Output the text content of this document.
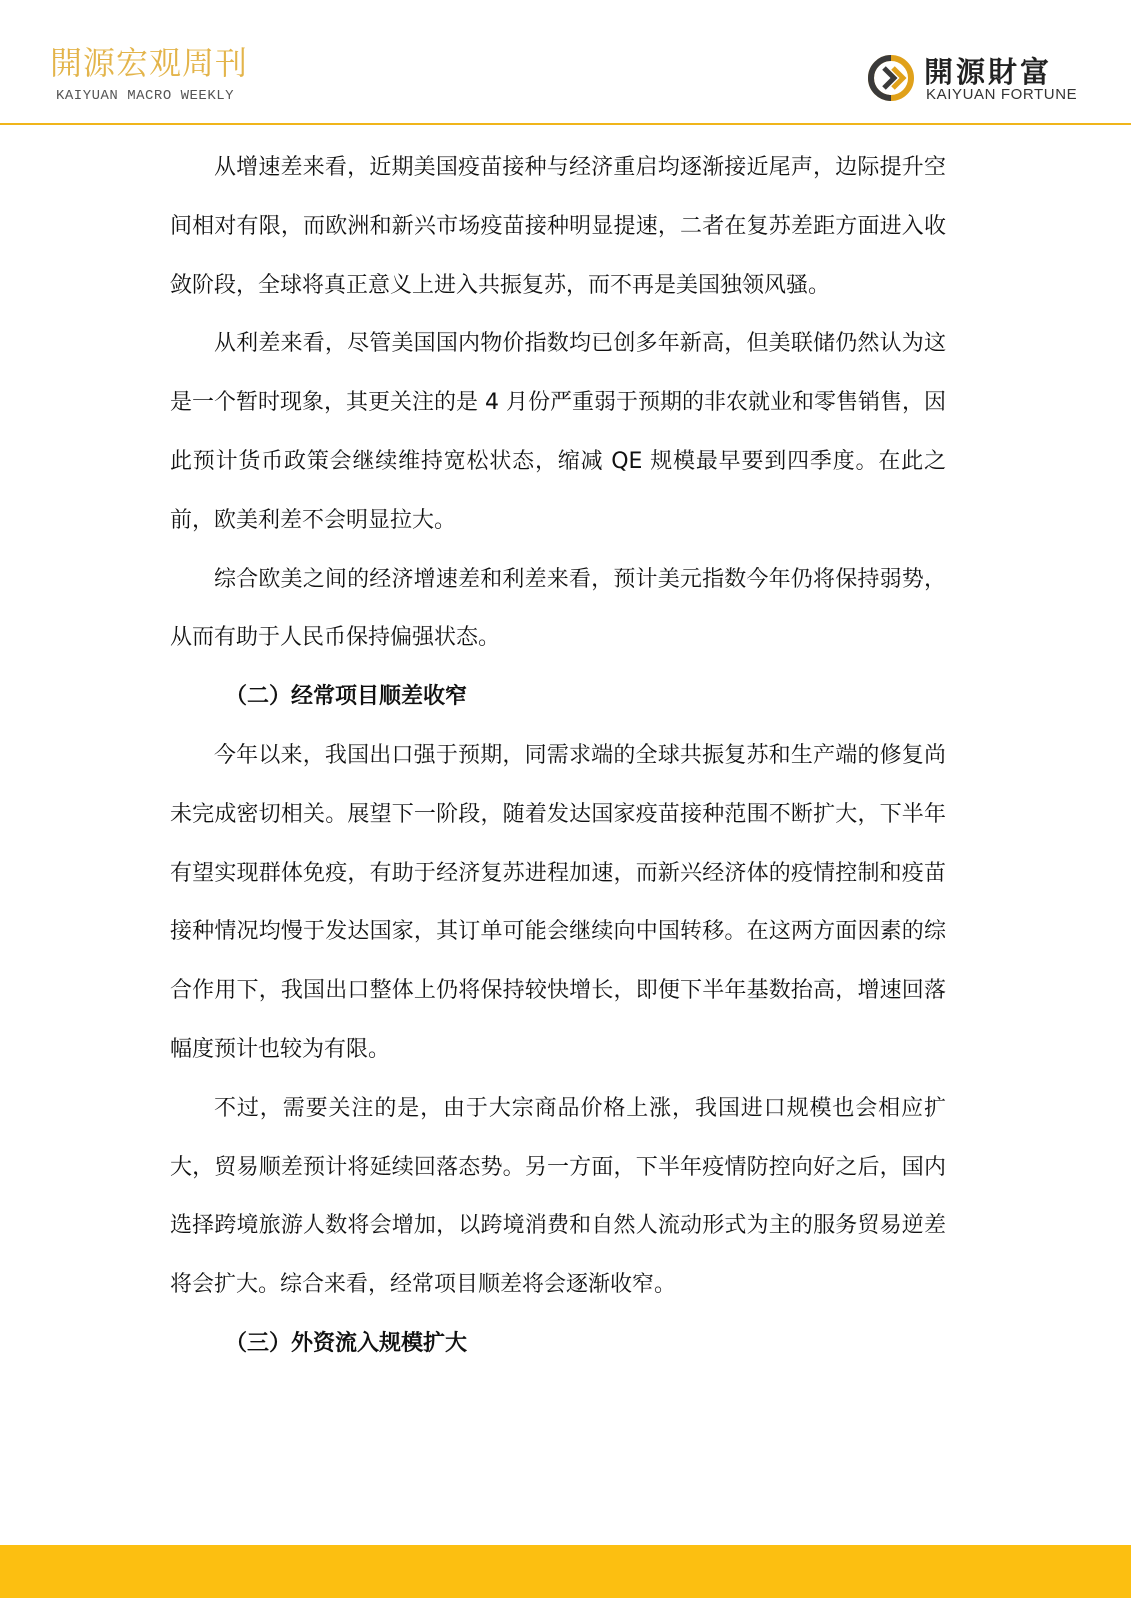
開源宏观周刊
KAIYUAN MACRO WEEKLY
開源財富
KAIYUAN FORTUNE

从增速差来看，近期美国疫苗接种与经济重启均逐渐接近尾声，边际提升空间相对有限，而欧洲和新兴市场疫苗接种明显提速，二者在复苏差距方面进入收敛阶段，全球将真正意义上进入共振复苏，而不再是美国独领风骚。

从利差来看，尽管美国国内物价指数均已创多年新高，但美联储仍然认为这是一个暂时现象，其更关注的是 4 月份严重弱于预期的非农就业和零售销售，因此预计货币政策会继续维持宽松状态，缩减 QE 规模最早要到四季度。在此之前，欧美利差不会明显拉大。

综合欧美之间的经济增速差和利差来看，预计美元指数今年仍将保持弱势，从而有助于人民币保持偏强状态。

（二）经常项目顺差收窄

今年以来，我国出口强于预期，同需求端的全球共振复苏和生产端的修复尚未完成密切相关。展望下一阶段，随着发达国家疫苗接种范围不断扩大，下半年有望实现群体免疫，有助于经济复苏进程加速，而新兴经济体的疫情控制和疫苗接种情况均慢于发达国家，其订单可能会继续向中国转移。在这两方面因素的综合作用下，我国出口整体上仍将保持较快增长，即便下半年基数抬高，增速回落幅度预计也较为有限。

不过，需要关注的是，由于大宗商品价格上涨，我国进口规模也会相应扩大，贸易顺差预计将延续回落态势。另一方面，下半年疫情防控向好之后，国内选择跨境旅游人数将会增加，以跨境消费和自然人流动形式为主的服务贸易逆差将会扩大。综合来看，经常项目顺差将会逐渐收窄。

（三）外资流入规模扩大
